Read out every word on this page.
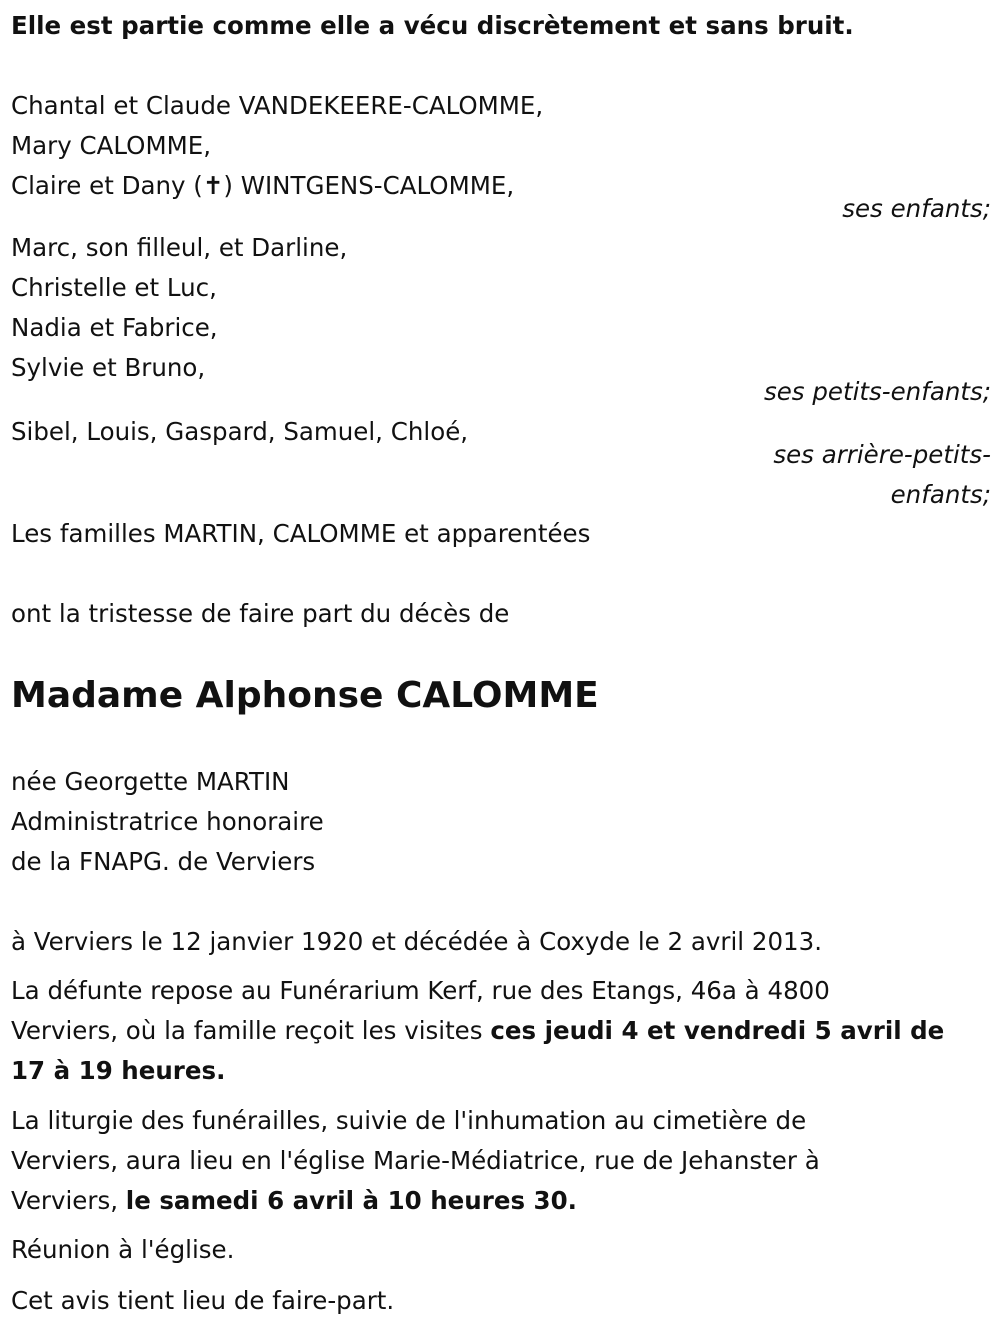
Elle est partie comme elle a vécu discrètement et sans bruit.
Chantal et Claude VANDEKEERE-CALOMME,
Mary CALOMME,
Claire et Dany (✝) WINTGENS-CALOMME,
ses enfants;
Marc, son filleul, et Darline,
Christelle et Luc,
Nadia et Fabrice,
Sylvie et Bruno,
ses petits-enfants;
Sibel, Louis, Gaspard, Samuel, Chloé,
ses arrière-petits-
enfants;
Les familles MARTIN, CALOMME et apparentées
ont la tristesse de faire part du décès de
Madame Alphonse CALOMME
née Georgette MARTIN
Administratrice honoraire
de la FNAPG. de Verviers
à Verviers le 12 janvier 1920 et décédée à Coxyde le 2 avril 2013.
La défunte repose au Funérarium Kerf, rue des Etangs, 46a à 4800
Verviers, où la famille reçoit les visites ces jeudi 4 et vendredi 5 avril de
17 à 19 heures.
La liturgie des funérailles, suivie de l'inhumation au cimetière de
Verviers, aura lieu en l'église Marie-Médiatrice, rue de Jehanster à
Verviers, le samedi 6 avril à 10 heures 30.
Réunion à l'église.
Cet avis tient lieu de faire-part.
